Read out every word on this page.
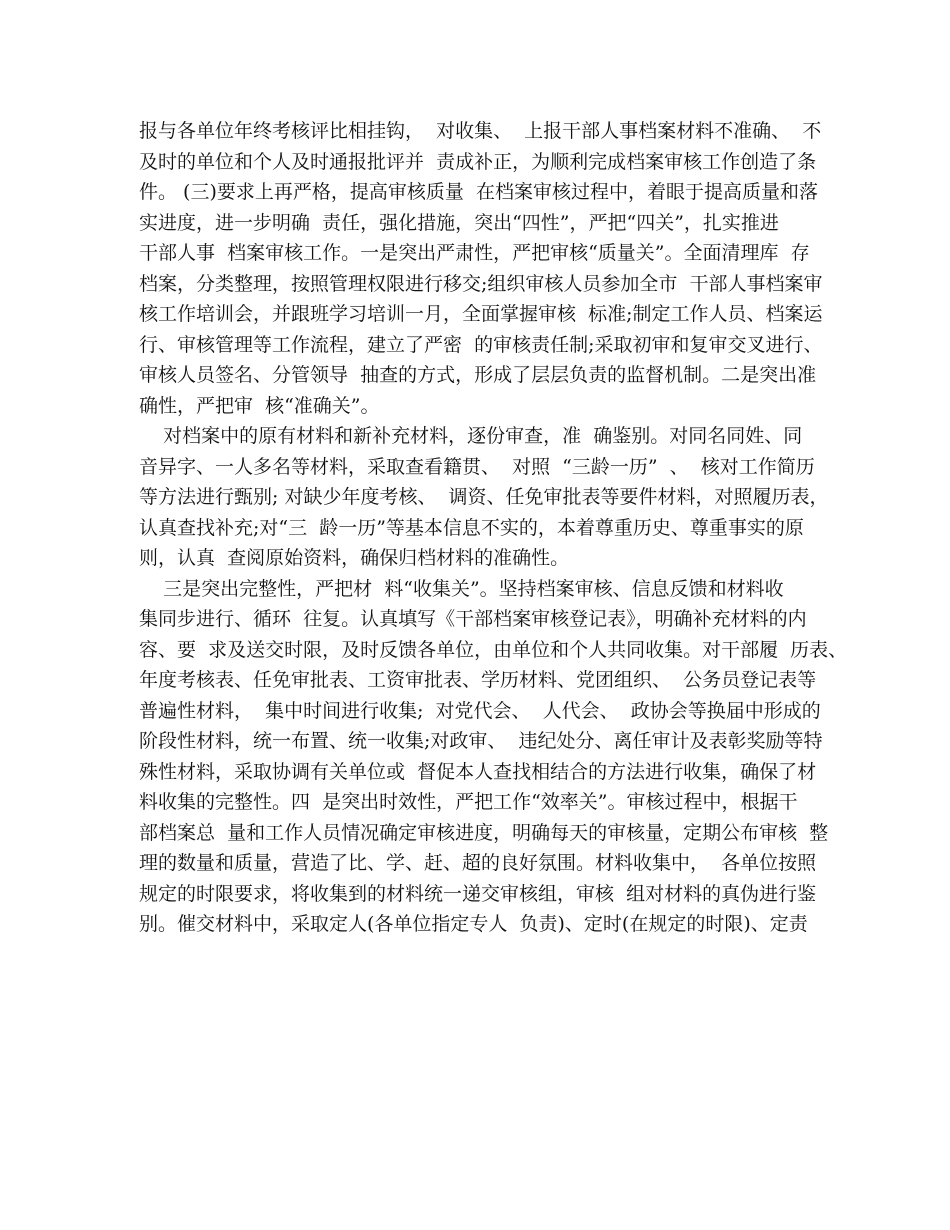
报与各单位年终考核评比相挂钩，  对收集、  上报干部人事档案材料不准确、  不
及时的单位和个人及时通报批评并  责成补正，为顺利完成档案审核工作创造了条
件。 (三)要求上再严格，提高审核质量  在档案审核过程中，着眼于提高质量和落
实进度，进一步明确  责任，强化措施，突出“四性”，严把“四关”，扎实推进
干部人事  档案审核工作。一是突出严肃性，严把审核“质量关”。全面清理库  存
档案，分类整理，按照管理权限进行移交;组织审核人员参加全市  干部人事档案审
核工作培训会，并跟班学习培训一月，全面掌握审核  标准;制定工作人员、档案运
行、审核管理等工作流程，建立了严密  的审核责任制;采取初审和复审交叉进行、
审核人员签名、分管领导  抽查的方式，形成了层层负责的监督机制。二是突出准
确性，严把审  核“准确关”。
对档案中的原有材料和新补充材料，逐份审查，准  确鉴别。对同名同姓、同
音异字、一人多名等材料，采取查看籍贯、  对照  “三龄一历”  、  核对工作简历
等方法进行甄别; 对缺少年度考核、  调资、任免审批表等要件材料，对照履历表，
认真查找补充;对“三  龄一历”等基本信息不实的，本着尊重历史、尊重事实的原
则，认真  查阅原始资料，确保归档材料的准确性。
三是突出完整性，严把材  料“收集关”。坚持档案审核、信息反馈和材料收
集同步进行、循环  往复。认真填写《干部档案审核登记表》，明确补充材料的内
容、要  求及送交时限，及时反馈各单位，由单位和个人共同收集。对干部履  历表、
年度考核表、任免审批表、工资审批表、学历材料、党团组织、  公务员登记表等
普遍性材料，  集中时间进行收集;  对党代会、  人代会、  政协会等换届中形成的
阶段性材料，统一布置、统一收集;对政审、  违纪处分、离任审计及表彰奖励等特
殊性材料，采取协调有关单位或  督促本人查找相结合的方法进行收集，确保了材
料收集的完整性。四  是突出时效性，严把工作“效率关”。审核过程中，根据干
部档案总  量和工作人员情况确定审核进度，明确每天的审核量，定期公布审核  整
理的数量和质量，营造了比、学、赶、超的良好氛围。材料收集中，  各单位按照
规定的时限要求，将收集到的材料统一递交审核组，审核  组对材料的真伪进行鉴
别。催交材料中，采取定人(各单位指定专人  负责)、定时(在规定的时限)、定责
